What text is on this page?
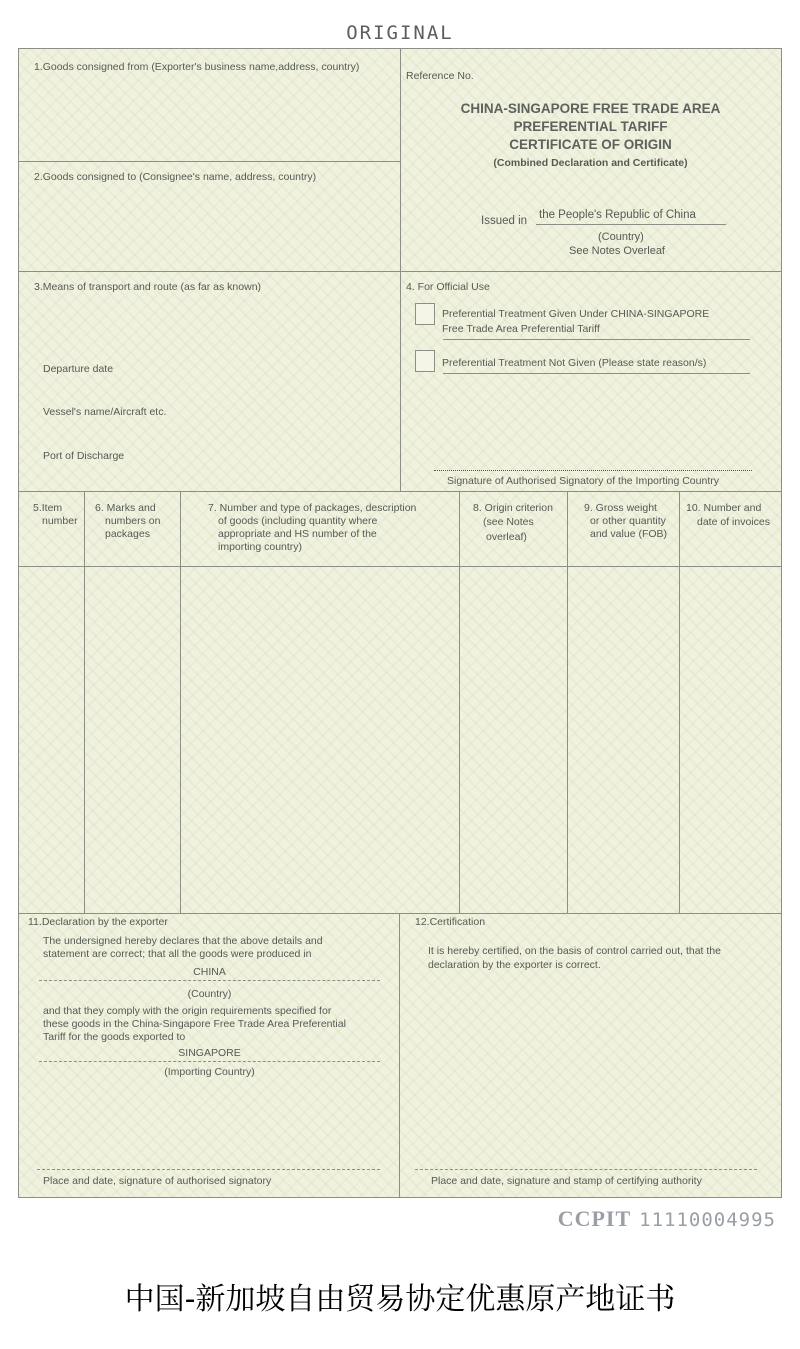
ORIGINAL
1.Goods consigned from (Exporter's business name,address, country)
2.Goods consigned to (Consignee's name, address, country)
Reference No.
CHINA-SINGAPORE FREE TRADE AREA
PREFERENTIAL TARIFF
CERTIFICATE OF ORIGIN
(Combined Declaration and Certificate)
Issued in the People's Republic of China
(Country)
See Notes Overleaf
3.Means of transport and route (as far as known)
Departure date
Vessel's name/Aircraft etc.
Port of Discharge
4. For Official Use
Preferential Treatment Given Under CHINA-SINGAPORE
Free Trade Area Preferential Tariff
Preferential Treatment Not Given (Please state reason/s)
Signature of Authorised Signatory of the Importing Country
5.Item
number
6. Marks and
numbers on
packages
7. Number and type of packages, description
of goods (including quantity where
appropriate and HS number of the
importing country)
8. Origin criterion
(see Notes
overleaf)
9. Gross weight
or other quantity
and value (FOB)
10. Number and
date of invoices
11.Declaration by the exporter
The undersigned hereby declares that the above details and
statement are correct; that all the goods were produced in
CHINA
(Country)
and that they comply with the origin requirements specified for
these goods in the China-Singapore Free Trade Area Preferential
Tariff for the goods exported to
SINGAPORE
(Importing Country)
Place and date, signature of authorised signatory
12.Certification
It is hereby certified, on the basis of control carried out, that the
declaration by the exporter is correct.
Place and date, signature and stamp of certifying authority
CCPIT 11110004995
中国-新加坡自由贸易协定优惠原产地证书
